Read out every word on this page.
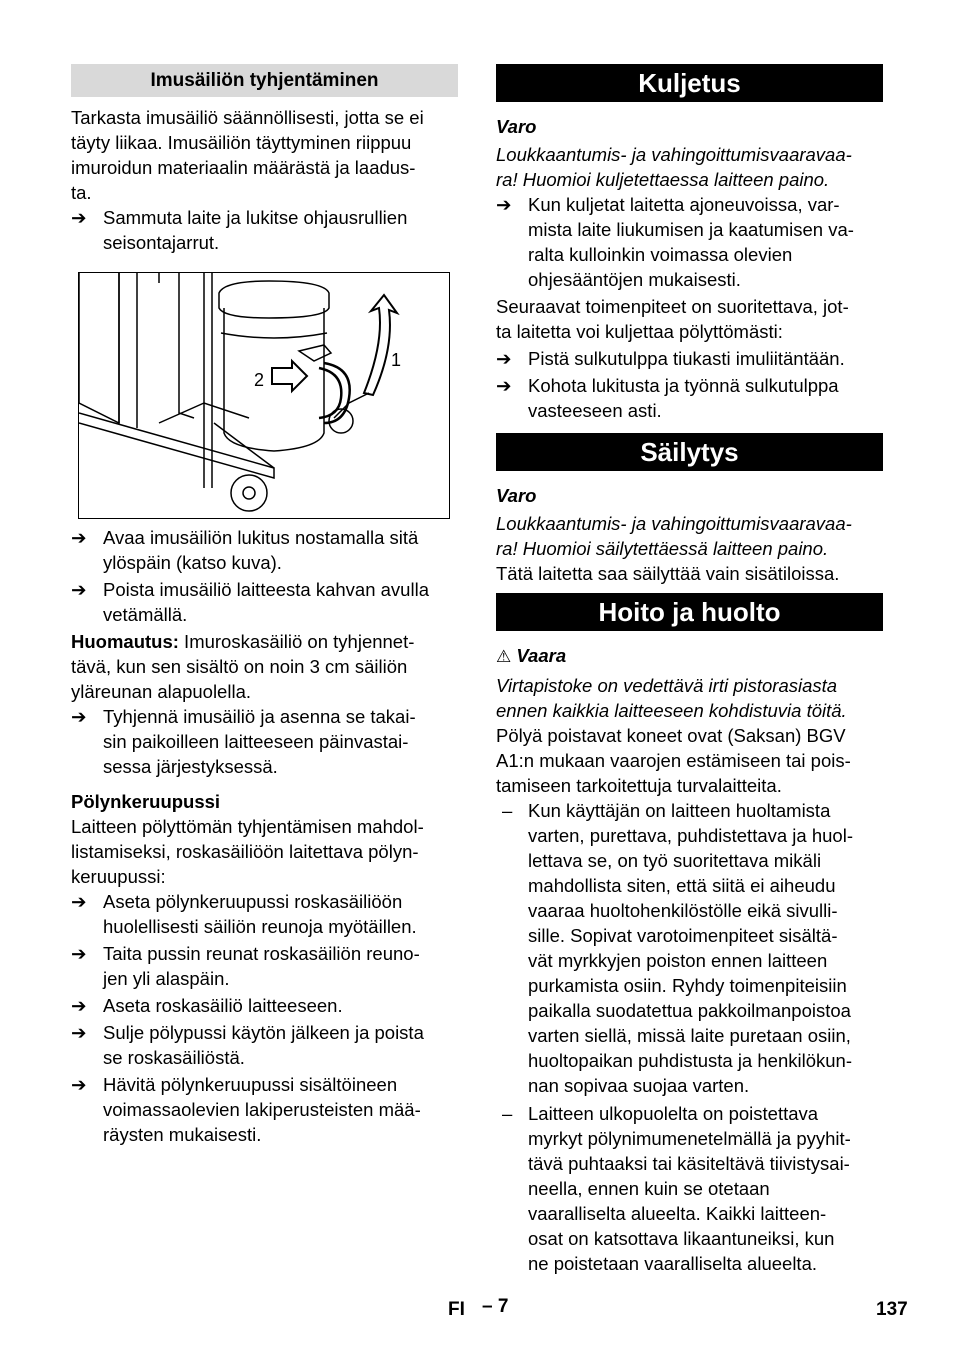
Imusäiliön tyhjentäminen

Tarkasta imusäiliö säännöllisesti, jotta se ei
täyty liikaa. Imusäiliön täyttyminen riippuu
imuroidun materiaalin määrästä ja laadus-
ta.

➔ Sammuta laite ja lukitse ohjausrullien
seisontajarrut.
2
1
➔ Avaa imusäiliön lukitus nostamalla sitä
ylöspäin (katso kuva).
➔ Poista imusäiliö laitteesta kahvan avulla
vetämällä.

Huomautus: Imuroskasäiliö on tyhjennet-
tävä, kun sen sisältö on noin 3 cm säiliön
yläreunan alapuolella.

➔ Tyhjennä imusäiliö ja asenna se takai-
sin paikoilleen laitteeseen päinvastai-
sessa järjestyksessä.

Pölynkeruupussi

Laitteen pölyttömän tyhjentämisen mahdol-
listamiseksi, roskasäiliöön laitettava pölyn-
keruupussi:

➔ Aseta pölynkeruupussi roskasäiliöön
huolellisesti säiliön reunoja myötäillen.
➔ Taita pussin reunat roskasäiliön reuno-
jen yli alaspäin.
➔ Aseta roskasäiliö laitteeseen.
➔ Sulje pölypussi käytön jälkeen ja poista
se roskasäiliöstä.
➔ Hävitä pölynkeruupussi sisältöineen
voimassaolevien lakiperusteisten mää-
räysten mukaisesti.
Kuljetus

Varo

Loukkaantumis- ja vahingoittumisvaaravaa-
ra! Huomioi kuljetettaessa laitteen paino.

➔ Kun kuljetat laitetta ajoneuvoissa, var-
mista laite liukumisen ja kaatumisen va-
ralta kulloinkin voimassa olevien
ohjesääntöjen mukaisesti.

Seuraavat toimenpiteet on suoritettava, jot-
ta laitetta voi kuljettaa pölyttömästi:

➔ Pistä sulkutulppa tiukasti imuliitäntään.
➔ Kohota lukitusta ja työnnä sulkutulppa
vasteeseen asti.
Säilytys

Varo

Loukkaantumis- ja vahingoittumisvaaravaa-
ra! Huomioi säilytettäessä laitteen paino.

Tätä laitetta saa säilyttää vain sisätiloissa.

Hoito ja huolto

⚠ Vaara

Virtapistoke on vedettävä irti pistorasiasta
ennen kaikkia laitteeseen kohdistuvia töitä.

Pölyä poistavat koneet ovat (Saksan) BGV
A1:n mukaan vaarojen estämiseen tai pois-
tamiseen tarkoitettuja turvalaitteita.

– Kun käyttäjän on laitteen huoltamista
varten, purettava, puhdistettava ja huol-
lettava se, on työ suoritettava mikäli
mahdollista siten, että siitä ei aiheudu
vaaraa huoltohenkilöstölle eikä sivulli-
sille. Sopivat varotoimenpiteet sisältä-
vät myrkkyjen poiston ennen laitteen
purkamista osiin. Ryhdy toimenpiteisiin
paikalla suodatettua pakkoilmanpoistoa
varten siellä, missä laite puretaan osiin,
huoltopaikan puhdistusta ja henkilökun-
nan sopivaa suojaa varten.
– Laitteen ulkopuolelta on poistettava
myrkyt pölynimumenetelmällä ja pyyhit-
tävä puhtaaksi tai käsiteltävä tiivistysai-
neella, ennen kuin se otetaan
vaaralliselta alueelta. Kaikki laitteen-
osat on katsottava likaantuneiksi, kun
ne poistetaan vaaralliselta alueelta.
FI – 7	137
